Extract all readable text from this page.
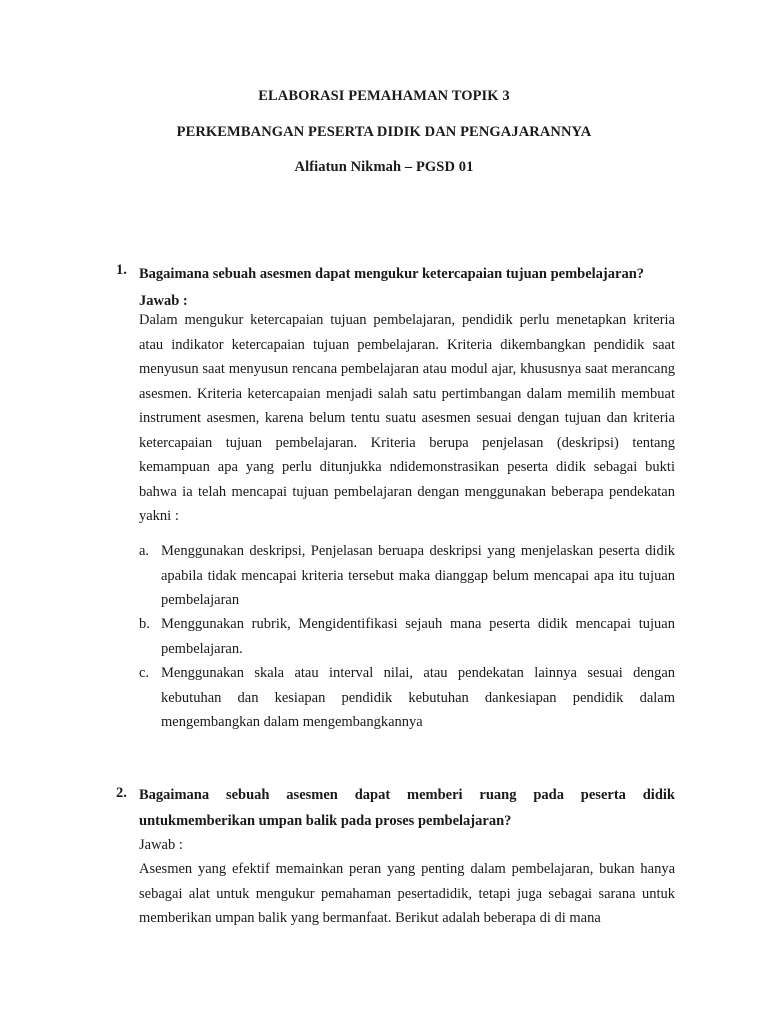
ELABORASI PEMAHAMAN TOPIK 3
PERKEMBANGAN PESERTA DIDIK DAN PENGAJARANNYA
Alfiatun Nikmah – PGSD 01
1. Bagaimana sebuah asesmen dapat mengukur ketercapaian tujuan pembelajaran?
Jawab :
Dalam mengukur ketercapaian tujuan pembelajaran, pendidik perlu menetapkan kriteria atau indikator ketercapaian tujuan pembelajaran. Kriteria dikembangkan pendidik saat menyusun saat menyusun rencana pembelajaran atau modul ajar, khususnya saat merancang asesmen. Kriteria ketercapaian menjadi salah satu pertimbangan dalam memilih membuat instrument asesmen, karena belum tentu suatu asesmen sesuai dengan tujuan dan kriteria ketercapaian tujuan pembelajaran. Kriteria berupa penjelasan (deskripsi) tentang kemampuan apa yang perlu ditunjukka ndidemonstrasikan peserta didik sebagai bukti bahwa ia telah mencapai tujuan pembelajaran dengan menggunakan beberapa pendekatan yakni :
a. Menggunakan deskripsi, Penjelasan beruapa deskripsi yang menjelaskan peserta didik apabila tidak mencapai kriteria tersebut maka dianggap belum mencapai apa itu tujuan pembelajaran
b. Menggunakan rubrik, Mengidentifikasi sejauh mana peserta didik mencapai tujuan pembelajaran.
c. Menggunakan skala atau interval nilai, atau pendekatan lainnya sesuai dengan kebutuhan dan kesiapan pendidik kebutuhan dankesiapan pendidik dalam mengembangkan dalam mengembangkannya
2. Bagaimana sebuah asesmen dapat memberi ruang pada peserta didik untukmemberikan umpan balik pada proses pembelajaran?
Jawab :
Asesmen yang efektif memainkan peran yang penting dalam pembelajaran, bukan hanya sebagai alat untuk mengukur pemahaman pesertadidik, tetapi juga sebagai sarana untuk memberikan umpan balik yang bermanfaat. Berikut adalah beberapa di di mana
